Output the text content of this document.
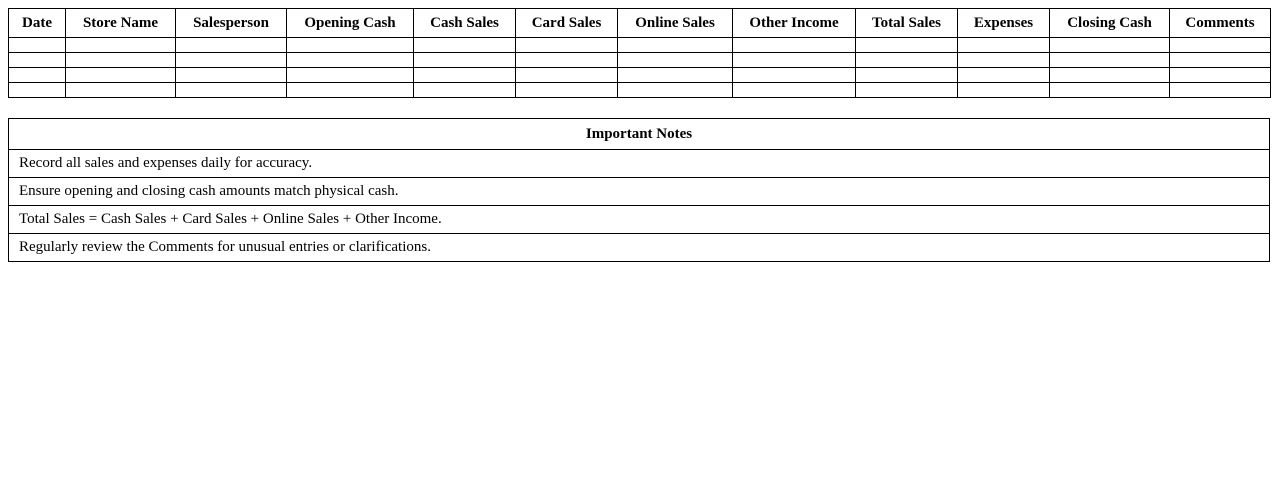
Date	Store Name	Salesperson	Opening Cash	Cash Sales	Card Sales	Online Sales	Other Income	Total Sales	Expenses	Closing Cash	Comments

Important Notes
Record all sales and expenses daily for accuracy.
Ensure opening and closing cash amounts match physical cash.
Total Sales = Cash Sales + Card Sales + Online Sales + Other Income.
Regularly review the Comments for unusual entries or clarifications.
